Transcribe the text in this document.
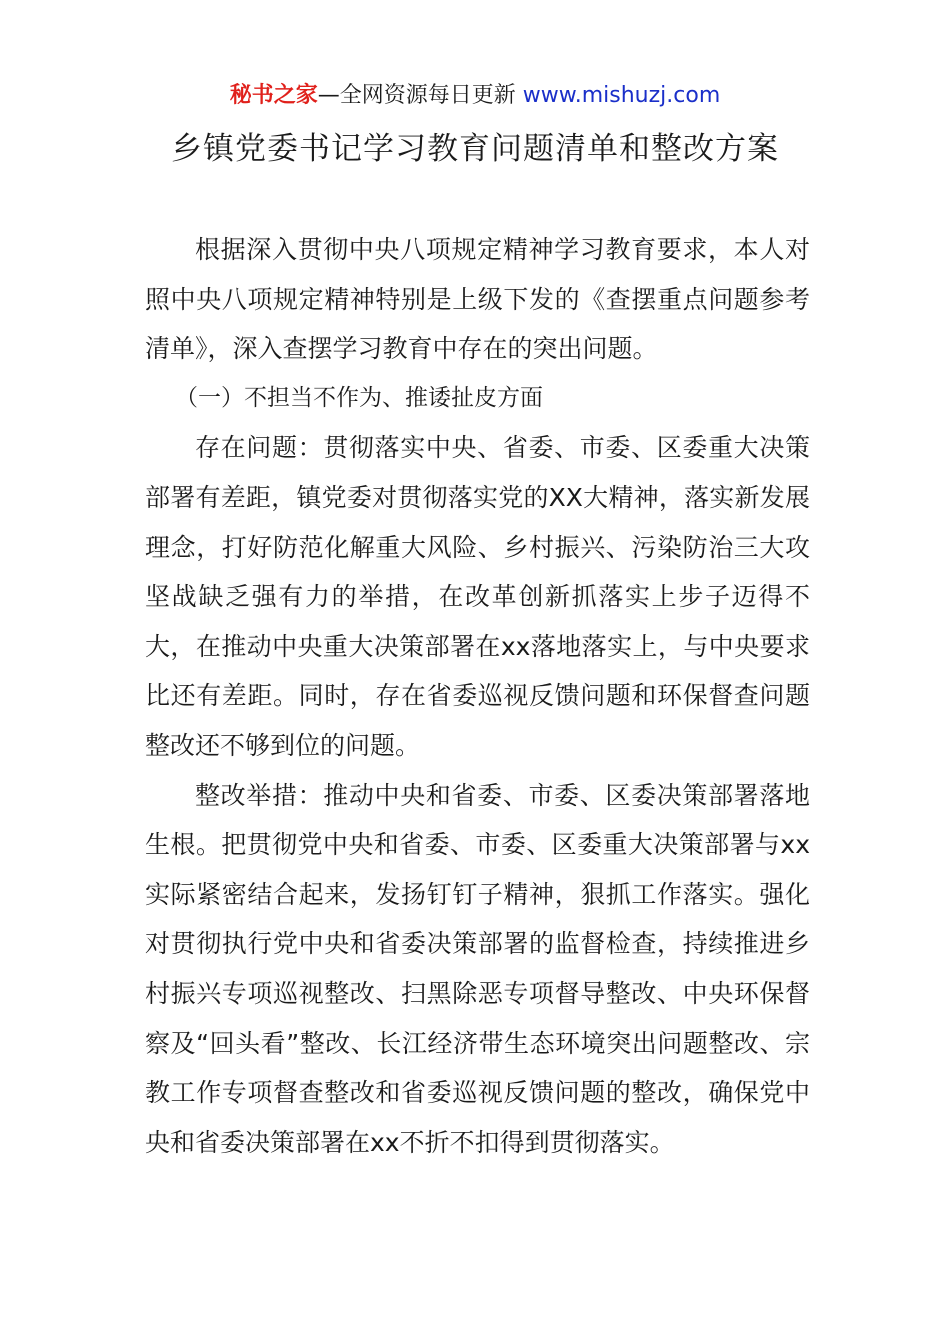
秘书之家—全网资源每日更新 www.mishuzj.com
乡镇党委书记学习教育问题清单和整改方案

根据深入贯彻中央八项规定精神学习教育要求，本人对照中央八项规定精神特别是上级下发的《查摆重点问题参考清单》，深入查摆学习教育中存在的突出问题。

（一）不担当不作为、推诿扯皮方面

存在问题：贯彻落实中央、省委、市委、区委重大决策部署有差距，镇党委对贯彻落实党的XX大精神，落实新发展理念，打好防范化解重大风险、乡村振兴、污染防治三大攻坚战缺乏强有力的举措，在改革创新抓落实上步子迈得不大，在推动中央重大决策部署在xx落地落实上，与中央要求比还有差距。同时，存在省委巡视反馈问题和环保督查问题整改还不够到位的问题。

整改举措：推动中央和省委、市委、区委决策部署落地生根。把贯彻党中央和省委、市委、区委重大决策部署与xx实际紧密结合起来，发扬钉钉子精神，狠抓工作落实。强化对贯彻执行党中央和省委决策部署的监督检查，持续推进乡村振兴专项巡视整改、扫黑除恶专项督导整改、中央环保督察及“回头看”整改、长江经济带生态环境突出问题整改、宗教工作专项督查整改和省委巡视反馈问题的整改，确保党中央和省委决策部署在xx不折不扣得到贯彻落实。
